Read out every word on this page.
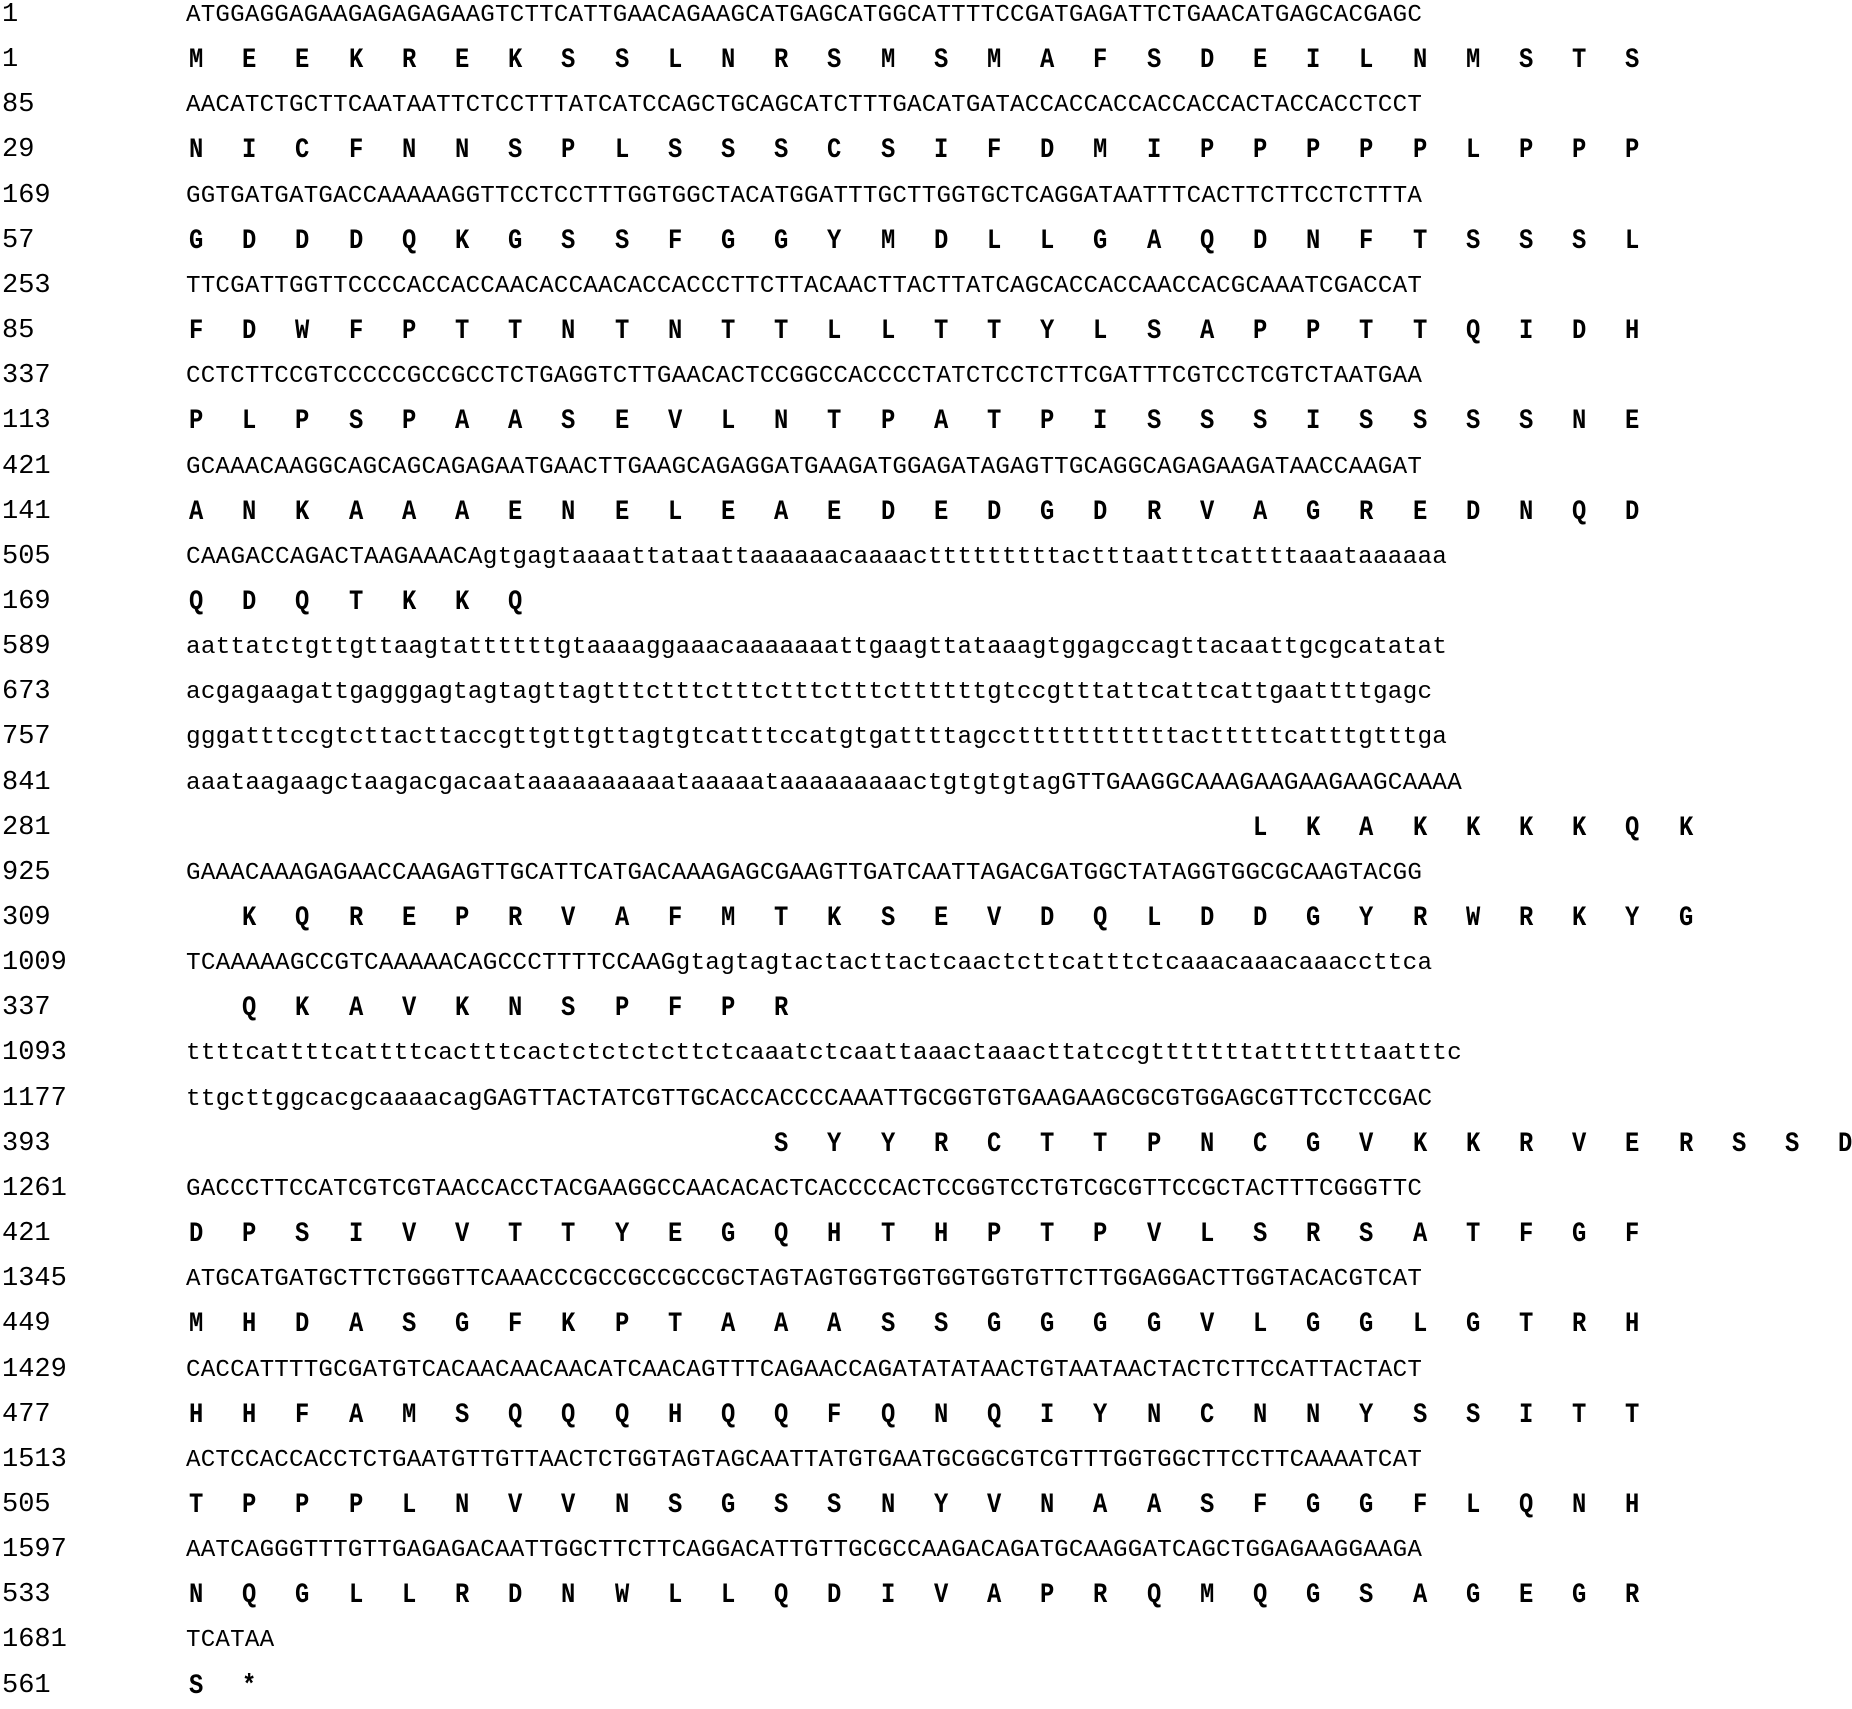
1	ATGGAGGAGAAGAGAGAGAAGTCTTCATTGAACAGAAGCATGAGCATGGCATTTTCCGATGAGATTCTGAACATGAGCACGAGC
1	M E E K R E K S S L N R S M S M A F S D E I L N M S T S
85	AACATCTGCTTCAATAATTCTCCTTTATCATCCAGCTGCAGCATCTTTGACATGATACCACCACCACCACCACTACCACCTCCT
29	N I C F N N S P L S S S C S I F D M I P P P P P L P P P
169	GGTGATGATGACCAAAAAGGTTCCTCCTTTGGTGGCTACATGGATTTGCTTGGTGCTCAGGATAATTTCACTTCTTCCTCTTTA
57	G D D D Q K G S S F G G Y M D L L G A Q D N F T S S S L
253	TTCGATTGGTTCCCCACCACCAACACCAACACCACCCTTCTTACAACTTACTTATCAGCACCACCAACCACGCAAATCGACCAT
85	F D W F P T T N T N T T L L T T Y L S A P P T T Q I D H
337	CCTCTTCCGTCCCCCGCCGCCTCTGAGGTCTTGAACACTCCGGCCACCCCTATCTCCTCTTCGATTTCGTCCTCGTCTAATGAA
113	P L P S P A A S E V L N T P A T P I S S S I S S S S N E
421	GCAAACAAGGCAGCAGCAGAGAATGAACTTGAAGCAGAGGATGAAGATGGAGATAGAGTTGCAGGCAGAGAAGATAACCAAGAT
141	A N K A A A E N E L E A E D E D G D R V A G R E D N Q D
505	CAAGACCAGACTAAGAAACAgtgagtaaaattataattaaaaaacaaaactttttttttactttaatttcattttaaataaaaaa
169	Q D Q T K K Q
589	aattatctgttgttaagtattttttgtaaaaggaaacaaaaaaattgaagttataaagtggagccagttacaattgcgcatatat
673	acgagaagattgagggagtagtagttagtttctttctttctttctttcttttttgtccgtttattcattcattgaattttgagc
757	gggatttccgtcttacttaccgttgttgttagtgtcatttccatgtgattttagcctttttttttttactttttcatttgtttga
841	aaataagaagctaagacgacaataaaaaaaaaataaaaataaaaaaaaactgtgtgtagGTTGAAGGCAAAGAAGAAGAAGCAAAA
281	L K A K K K K Q K
925	GAAACAAAGAGAACCAAGAGTTGCATTCATGACAAAGAGCGAAGTTGATCAATTAGACGATGGCTATAGGTGGCGCAAGTACGG
309	K Q R E P R V A F M T K S E V D Q L D D G Y R W R K Y G
1009	TCAAAAAGCCGTCAAAAACAGCCCTTTTCCAAGgtagtagtactacttactcaactcttcatttctcaaacaaacaaaccttca
337	Q K A V K N S P F P R
1093	ttttcattttcattttcactttcactctctctcttctcaaatctcaattaaactaaacttatccgtttttttatttttttaatttc
1177	ttgcttggcacgcaaaacagGAGTTACTATCGTTGCACCACCCCAAATTGCGGTGTGAAGAAGCGCGTGGAGCGTTCCTCCGAC
393	S Y Y R C T T P N C G V K K R V E R S S D
1261	GACCCTTCCATCGTCGTAACCACCTACGAAGGCCAACACACTCACCCCACTCCGGTCCTGTCGCGTTCCGCTACTTTCGGGTTC
421	D P S I V V T T Y E G Q H T H P T P V L S R S A T F G F
1345	ATGCATGATGCTTCTGGGTTCAAACCCGCCGCCGCCGCTAGTAGTGGTGGTGGTGGTGTTCTTGGAGGACTTGGTACACGTCAT
449	M H D A S G F K P T A A A S S G G G G V L G G L G T R H
1429	CACCATTTTGCGATGTCACAACAACAACATCAACAGTTTCAGAACCAGATATATAACTGTAATAACTACTCTTCCATTACTACT
477	H H F A M S Q Q Q H Q Q F Q N Q I Y N C N N Y S S I T T
1513	ACTCCACCACCTCTGAATGTTGTTAACTCTGGTAGTAGCAATTATGTGAATGCGGCGTCGTTTGGTGGCTTCCTTCAAAATCAT
505	T P P P L N V V N S G S S N Y V N A A S F G G F L Q N H
1597	AATCAGGGTTTGTTGAGAGACAATTGGCTTCTTCAGGACATTGTTGCGCCAAGACAGATGCAAGGATCAGCTGGAGAAGGAAGA
533	N Q G L L R D N W L L Q D I V A P R Q M Q G S A G E G R
1681	TCATAA
561	S *
